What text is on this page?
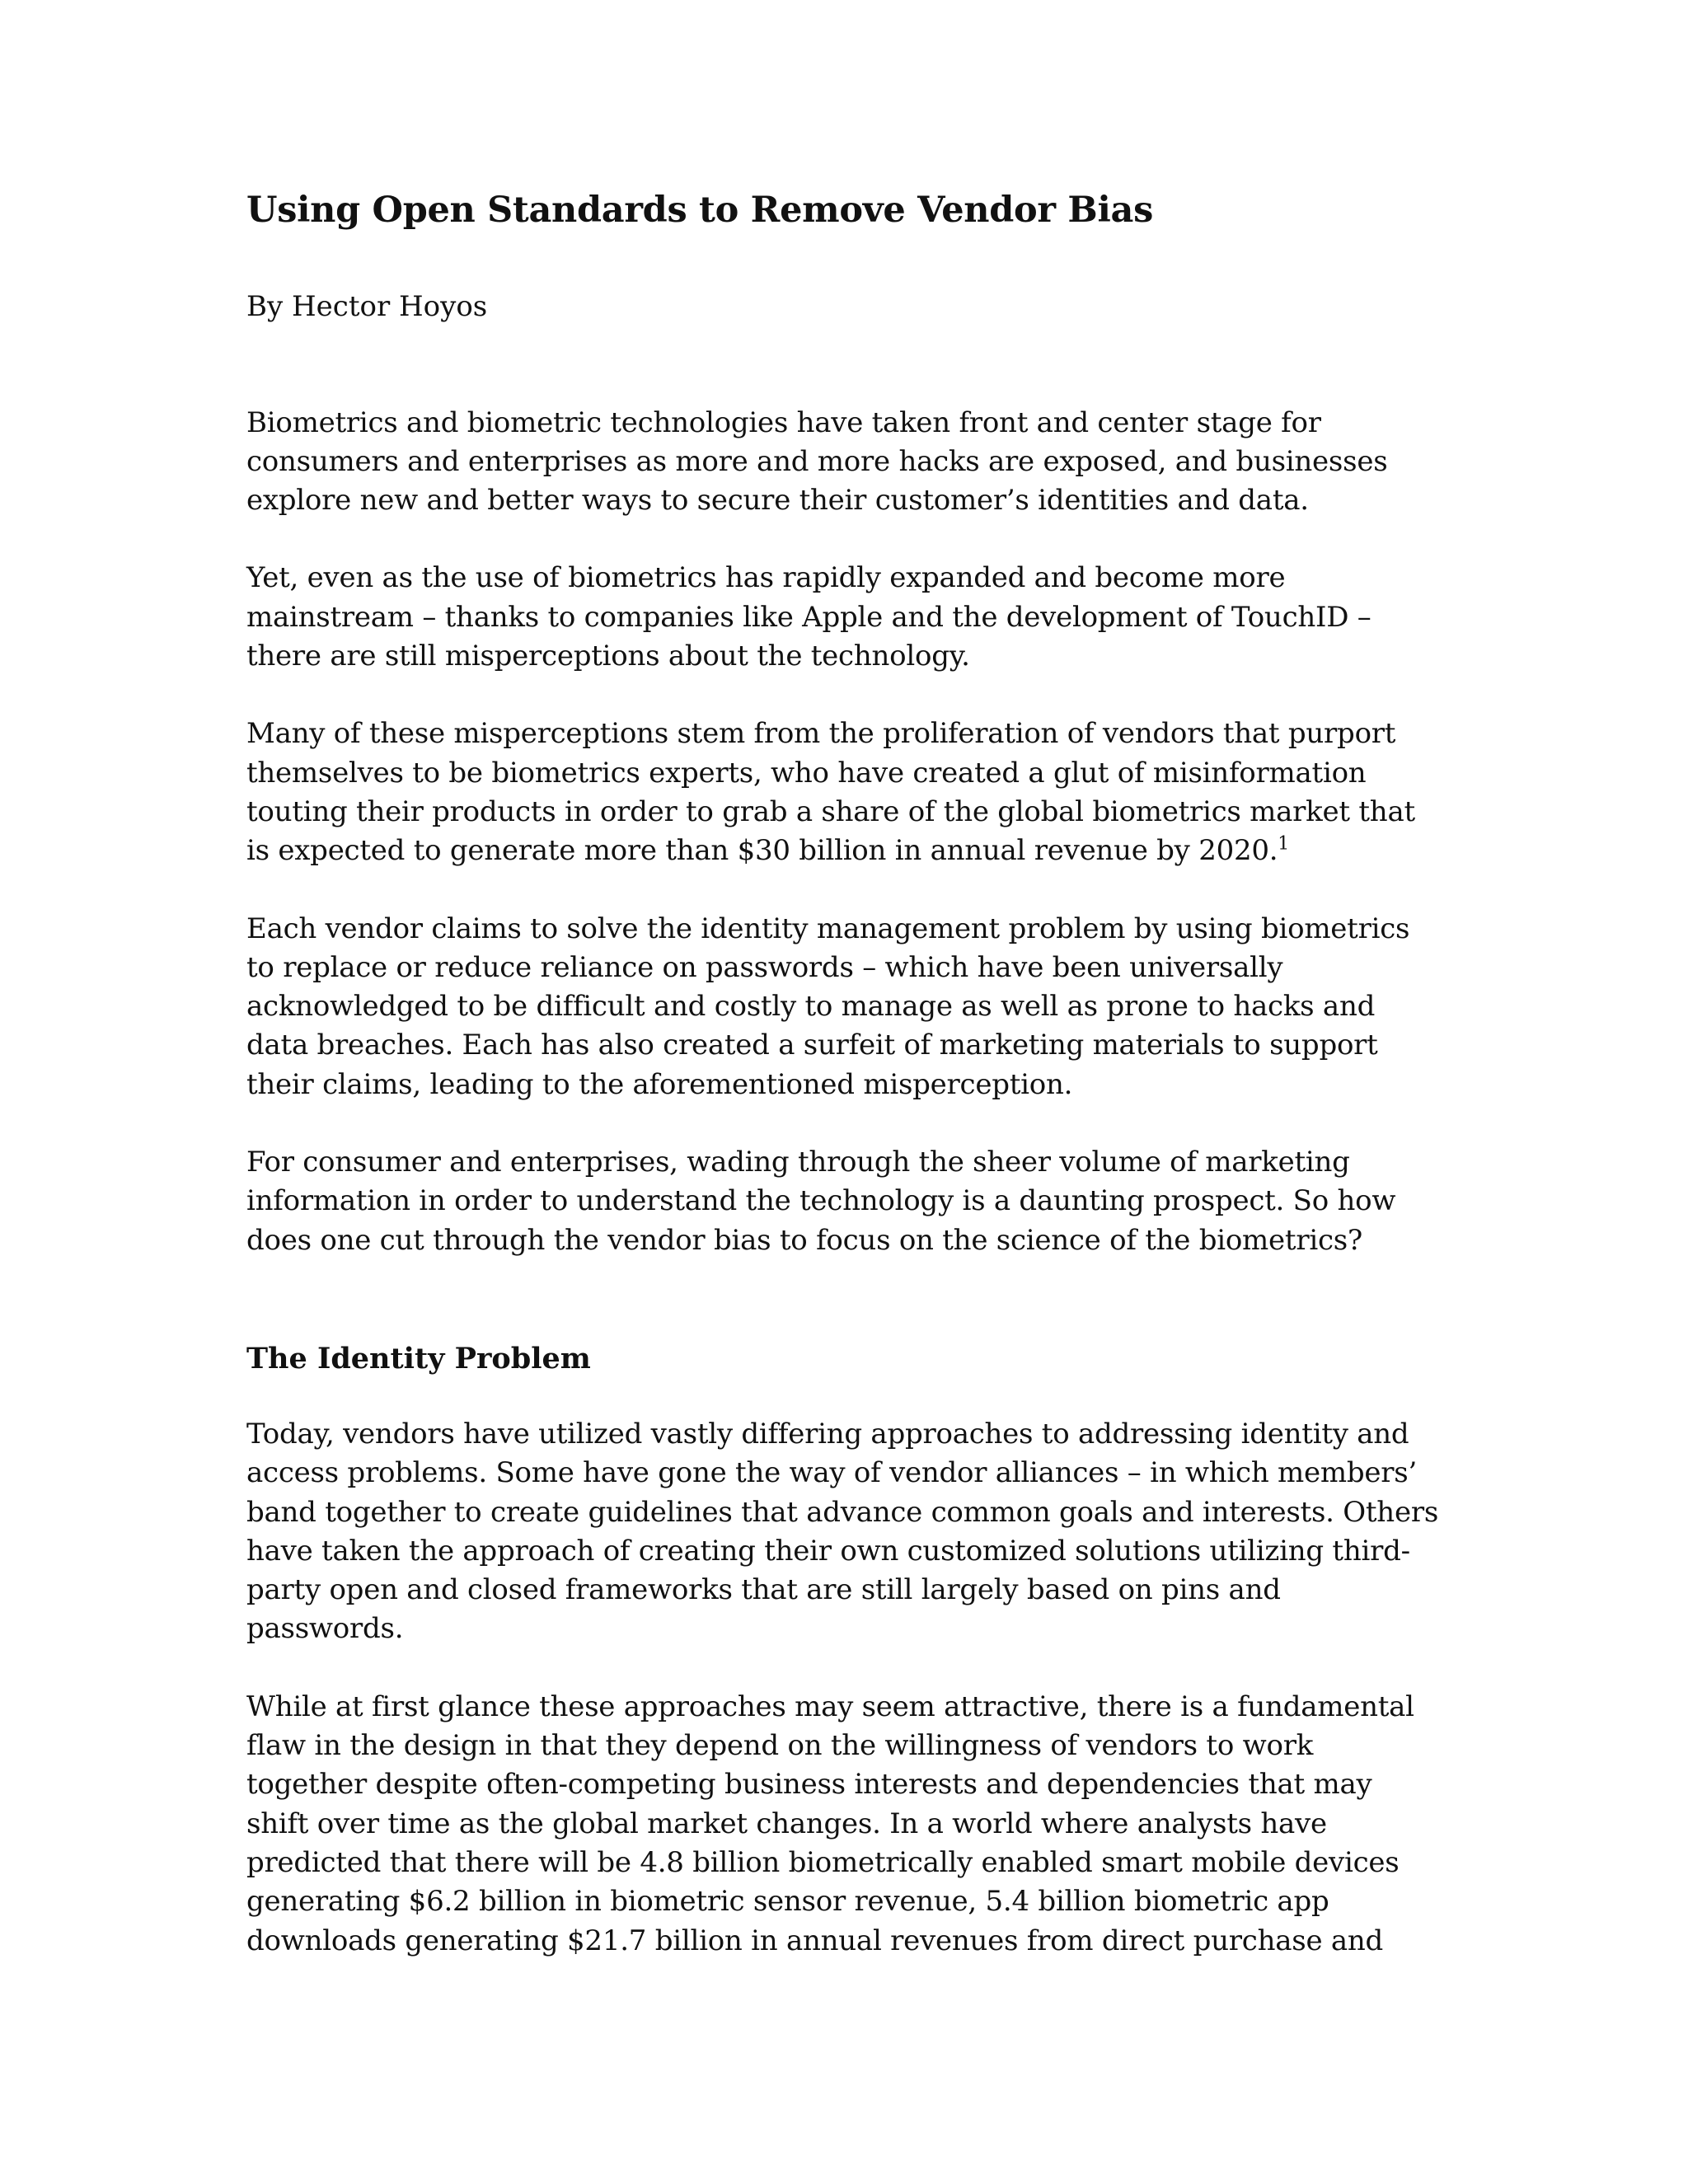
Using Open Standards to Remove Vendor Bias

By Hector Hoyos

Biometrics and biometric technologies have taken front and center stage for consumers and enterprises as more and more hacks are exposed, and businesses explore new and better ways to secure their customer’s identities and data.

Yet, even as the use of biometrics has rapidly expanded and become more mainstream – thanks to companies like Apple and the development of TouchID – there are still misperceptions about the technology.

Many of these misperceptions stem from the proliferation of vendors that purport themselves to be biometrics experts, who have created a glut of misinformation touting their products in order to grab a share of the global biometrics market that is expected to generate more than $30 billion in annual revenue by 2020.$^1$

Each vendor claims to solve the identity management problem by using biometrics to replace or reduce reliance on passwords – which have been universally acknowledged to be difficult and costly to manage as well as prone to hacks and data breaches. Each has also created a surfeit of marketing materials to support their claims, leading to the aforementioned misperception.

For consumer and enterprises, wading through the sheer volume of marketing information in order to understand the technology is a daunting prospect. So how does one cut through the vendor bias to focus on the science of the biometrics?

The Identity Problem

Today, vendors have utilized vastly differing approaches to addressing identity and access problems. Some have gone the way of vendor alliances – in which members’ band together to create guidelines that advance common goals and interests. Others have taken the approach of creating their own customized solutions utilizing third-party open and closed frameworks that are still largely based on pins and passwords.

While at first glance these approaches may seem attractive, there is a fundamental flaw in the design in that they depend on the willingness of vendors to work together despite often-competing business interests and dependencies that may shift over time as the global market changes. In a world where analysts have predicted that there will be 4.8 billion biometrically enabled smart mobile devices generating $6.2 billion in biometric sensor revenue, 5.4 billion biometric app downloads generating $21.7 billion in annual revenues from direct purchase and
